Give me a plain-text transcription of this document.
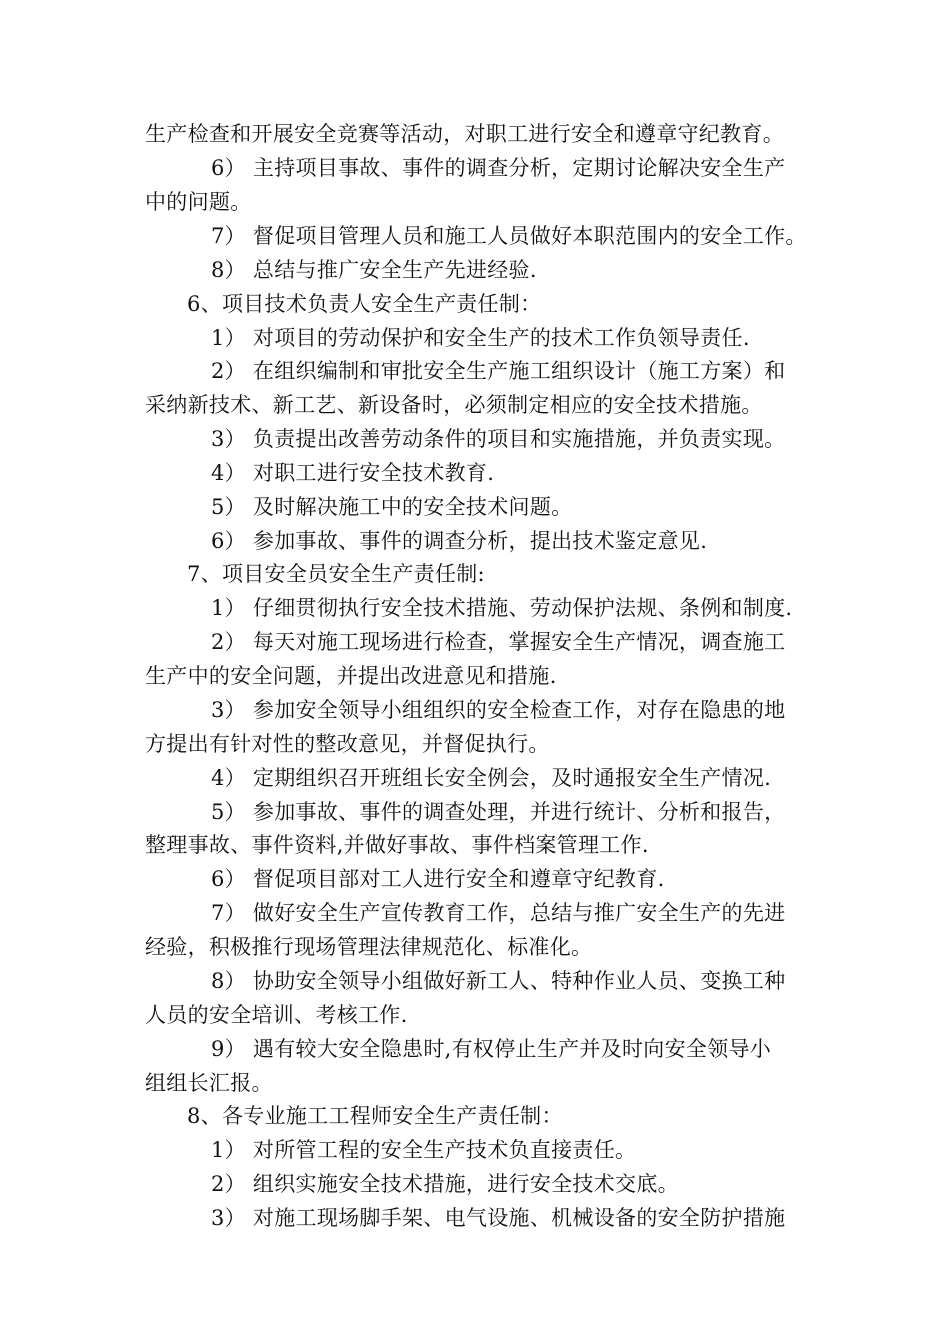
生产检查和开展安全竞赛等活动，对职工进行安全和遵章守纪教育。
6） 主持项目事故、事件的调查分析，定期讨论解决安全生产
中的问题。
7） 督促项目管理人员和施工人员做好本职范围内的安全工作。
8） 总结与推广安全生产先进经验.
6、项目技术负责人安全生产责任制：
1） 对项目的劳动保护和安全生产的技术工作负领导责任.
2） 在组织编制和审批安全生产施工组织设计（施工方案）和
采纳新技术、新工艺、新设备时，必须制定相应的安全技术措施。
3） 负责提出改善劳动条件的项目和实施措施，并负责实现。
4） 对职工进行安全技术教育.
5） 及时解决施工中的安全技术问题。
6） 参加事故、事件的调查分析，提出技术鉴定意见.
7、项目安全员安全生产责任制:
1） 仔细贯彻执行安全技术措施、劳动保护法规、条例和制度.
2） 每天对施工现场进行检查，掌握安全生产情况，调查施工
生产中的安全问题，并提出改进意见和措施.
3） 参加安全领导小组组织的安全检查工作，对存在隐患的地
方提出有针对性的整改意见，并督促执行。
4） 定期组织召开班组长安全例会，及时通报安全生产情况.
5） 参加事故、事件的调查处理，并进行统计、分析和报告，
整理事故、事件资料,并做好事故、事件档案管理工作.
6） 督促项目部对工人进行安全和遵章守纪教育.
7） 做好安全生产宣传教育工作，总结与推广安全生产的先进
经验，积极推行现场管理法律规范化、标准化。
8） 协助安全领导小组做好新工人、特种作业人员、变换工种
人员的安全培训、考核工作.
9） 遇有较大安全隐患时,有权停止生产并及时向安全领导小
组组长汇报。
8、各专业施工工程师安全生产责任制：
1） 对所管工程的安全生产技术负直接责任。
2） 组织实施安全技术措施，进行安全技术交底。
3） 对施工现场脚手架、电气设施、机械设备的安全防护措施
